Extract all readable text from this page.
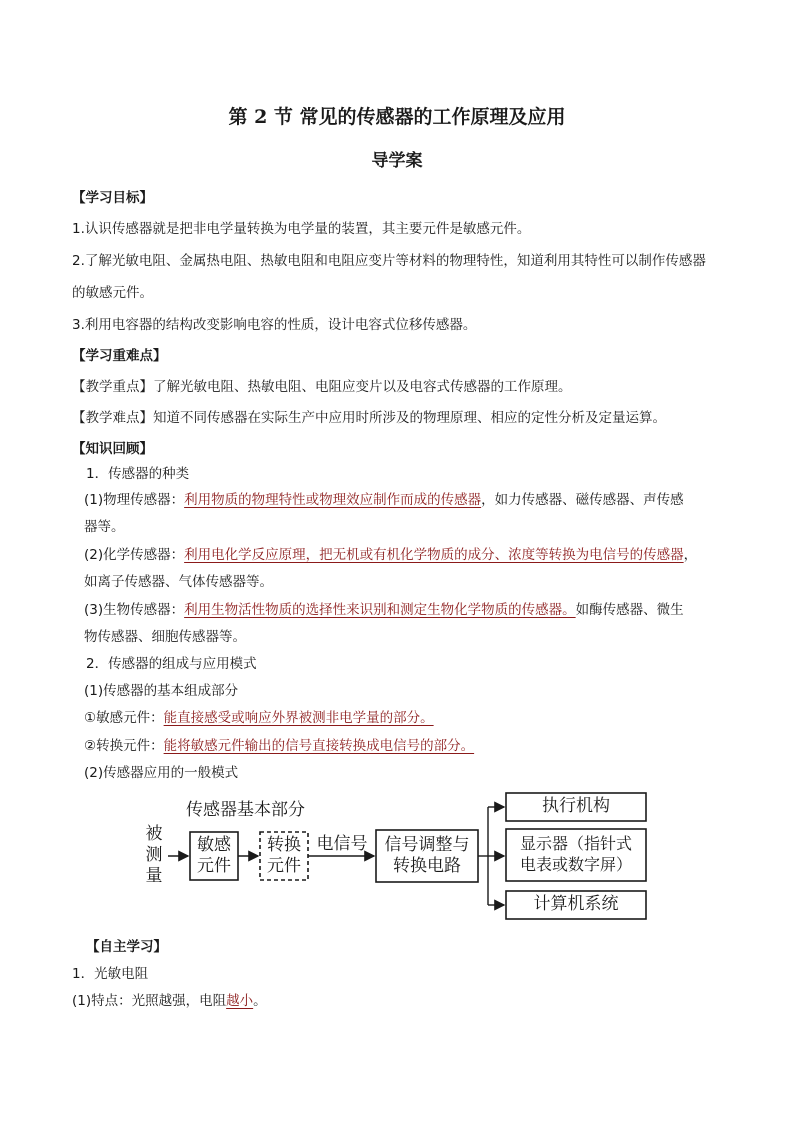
第 2 节 常见的传感器的工作原理及应用
导学案
【学习目标】
1.认识传感器就是把非电学量转换为电学量的装置，其主要元件是敏感元件。
2.了解光敏电阻、金属热电阻、热敏电阻和电阻应变片等材料的物理特性，知道利用其特性可以制作传感器
的敏感元件。
3.利用电容器的结构改变影响电容的性质，设计电容式位移传感器。
【学习重难点】
【教学重点】了解光敏电阻、热敏电阻、电阻应变片以及电容式传感器的工作原理。
【教学难点】知道不同传感器在实际生产中应用时所涉及的物理原理、相应的定性分析及定量运算。
【知识回顾】
1．传感器的种类
(1)物理传感器：利用物质的物理特性或物理效应制作而成的传感器，如力传感器、磁传感器、声传感
器等。
(2)化学传感器：利用电化学反应原理，把无机或有机化学物质的成分、浓度等转换为电信号的传感器，
如离子传感器、气体传感器等。
(3)生物传感器：利用生物活性物质的选择性来识别和测定生物化学物质的传感器。如酶传感器、微生
物传感器、细胞传感器等。
2．传感器的组成与应用模式
(1)传感器的基本组成部分
①敏感元件：能直接感受或响应外界被测非电学量的部分。
②转换元件：能将敏感元件输出的信号直接转换成电信号的部分。
(2)传感器应用的一般模式
传感器基本部分
被
测
量
敏感
元件
转换
元件
电信号	信号调整与
转换电路
执行机构
显示器（指针式
电表或数字屏）
计算机系统
【自主学习】
1．光敏电阻
(1)特点：光照越强，电阻越小。
